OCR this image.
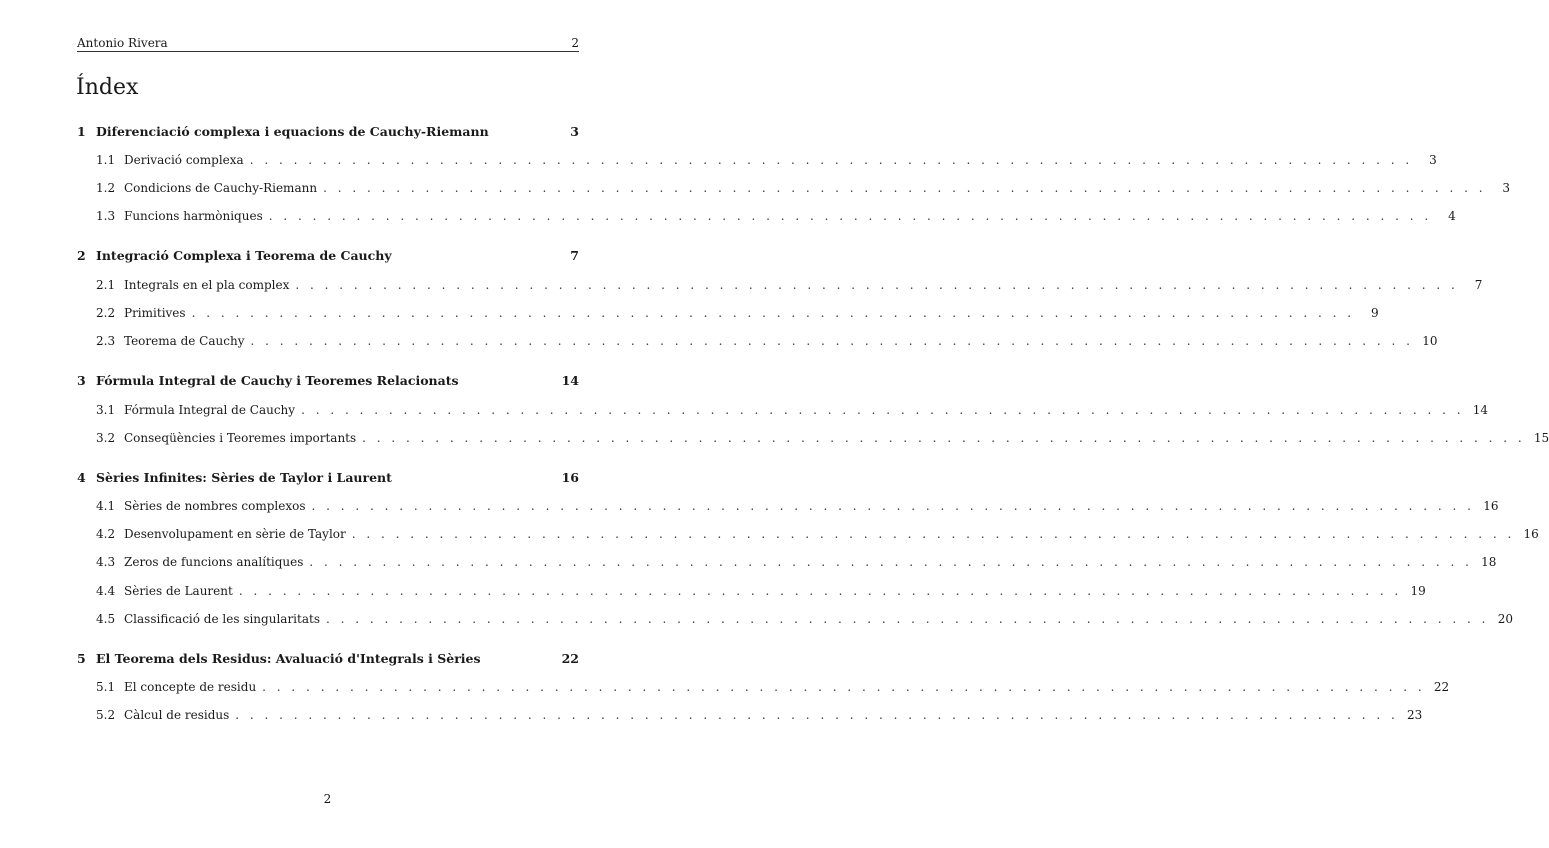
Antonio Rivera	2
Índex
1 Diferenciació complexa i equacions de Cauchy-Riemann	3
1.1 Derivació complexa . . . . . . . . . . . . . . . . . . . . . . . . . . . . . . . . . . . . . . . . . . . . . . . . . . . . . . . . . . . . . . . . . . . . . . . . . . . . . . . .	3
1.2 Condicions de Cauchy-Riemann . . . . . . . . . . . . . . . . . . . . . . . . . . . . . . . . . . . . . . . . . . . . . . . . . . . . . . . . . . . . . . . . . . . . . . . . . . . . . . . .	3
1.3 Funcions harmòniques . . . . . . . . . . . . . . . . . . . . . . . . . . . . . . . . . . . . . . . . . . . . . . . . . . . . . . . . . . . . . . . . . . . . . . . . . . . . . . . .	4
2 Integració Complexa i Teorema de Cauchy	7
2.1 Integrals en el pla complex . . . . . . . . . . . . . . . . . . . . . . . . . . . . . . . . . . . . . . . . . . . . . . . . . . . . . . . . . . . . . . . . . . . . . . . . . . . . . . . .	7
2.2 Primitives . . . . . . . . . . . . . . . . . . . . . . . . . . . . . . . . . . . . . . . . . . . . . . . . . . . . . . . . . . . . . . . . . . . . . . . . . . . . . . . .	9
2.3 Teorema de Cauchy . . . . . . . . . . . . . . . . . . . . . . . . . . . . . . . . . . . . . . . . . . . . . . . . . . . . . . . . . . . . . . . . . . . . . . . . . . . . . . . . 10
3 Fórmula Integral de Cauchy i Teoremes Relacionats	14
3.1 Fórmula Integral de Cauchy . . . . . . . . . . . . . . . . . . . . . . . . . . . . . . . . . . . . . . . . . . . . . . . . . . . . . . . . . . . . . . . . . . . . . . . . . . . . . . . . 14
3.2 Conseqüències i Teoremes importants . . . . . . . . . . . . . . . . . . . . . . . . . . . . . . . . . . . . . . . . . . . . . . . . . . . . . . . . . . . . . . . . . . . . . . . . . . . . . . . . 15
4 Sèries Infinites: Sèries de Taylor i Laurent	16
4.1 Sèries de nombres complexos . . . . . . . . . . . . . . . . . . . . . . . . . . . . . . . . . . . . . . . . . . . . . . . . . . . . . . . . . . . . . . . . . . . . . . . . . . . . . . . . 16
4.2 Desenvolupament en sèrie de Taylor . . . . . . . . . . . . . . . . . . . . . . . . . . . . . . . . . . . . . . . . . . . . . . . . . . . . . . . . . . . . . . . . . . . . . . . . . . . . . . . . 16
4.3 Zeros de funcions analítiques . . . . . . . . . . . . . . . . . . . . . . . . . . . . . . . . . . . . . . . . . . . . . . . . . . . . . . . . . . . . . . . . . . . . . . . . . . . . . . . . 18
4.4 Sèries de Laurent . . . . . . . . . . . . . . . . . . . . . . . . . . . . . . . . . . . . . . . . . . . . . . . . . . . . . . . . . . . . . . . . . . . . . . . . . . . . . . . . 19
4.5 Classificació de les singularitats . . . . . . . . . . . . . . . . . . . . . . . . . . . . . . . . . . . . . . . . . . . . . . . . . . . . . . . . . . . . . . . . . . . . . . . . . . . . . . . . 20
5 El Teorema dels Residus: Avaluació d'Integrals i Sèries	22
5.1 El concepte de residu . . . . . . . . . . . . . . . . . . . . . . . . . . . . . . . . . . . . . . . . . . . . . . . . . . . . . . . . . . . . . . . . . . . . . . . . . . . . . . . . 22
5.2 Càlcul de residus . . . . . . . . . . . . . . . . . . . . . . . . . . . . . . . . . . . . . . . . . . . . . . . . . . . . . . . . . . . . . . . . . . . . . . . . . . . . . . . . 23
2
